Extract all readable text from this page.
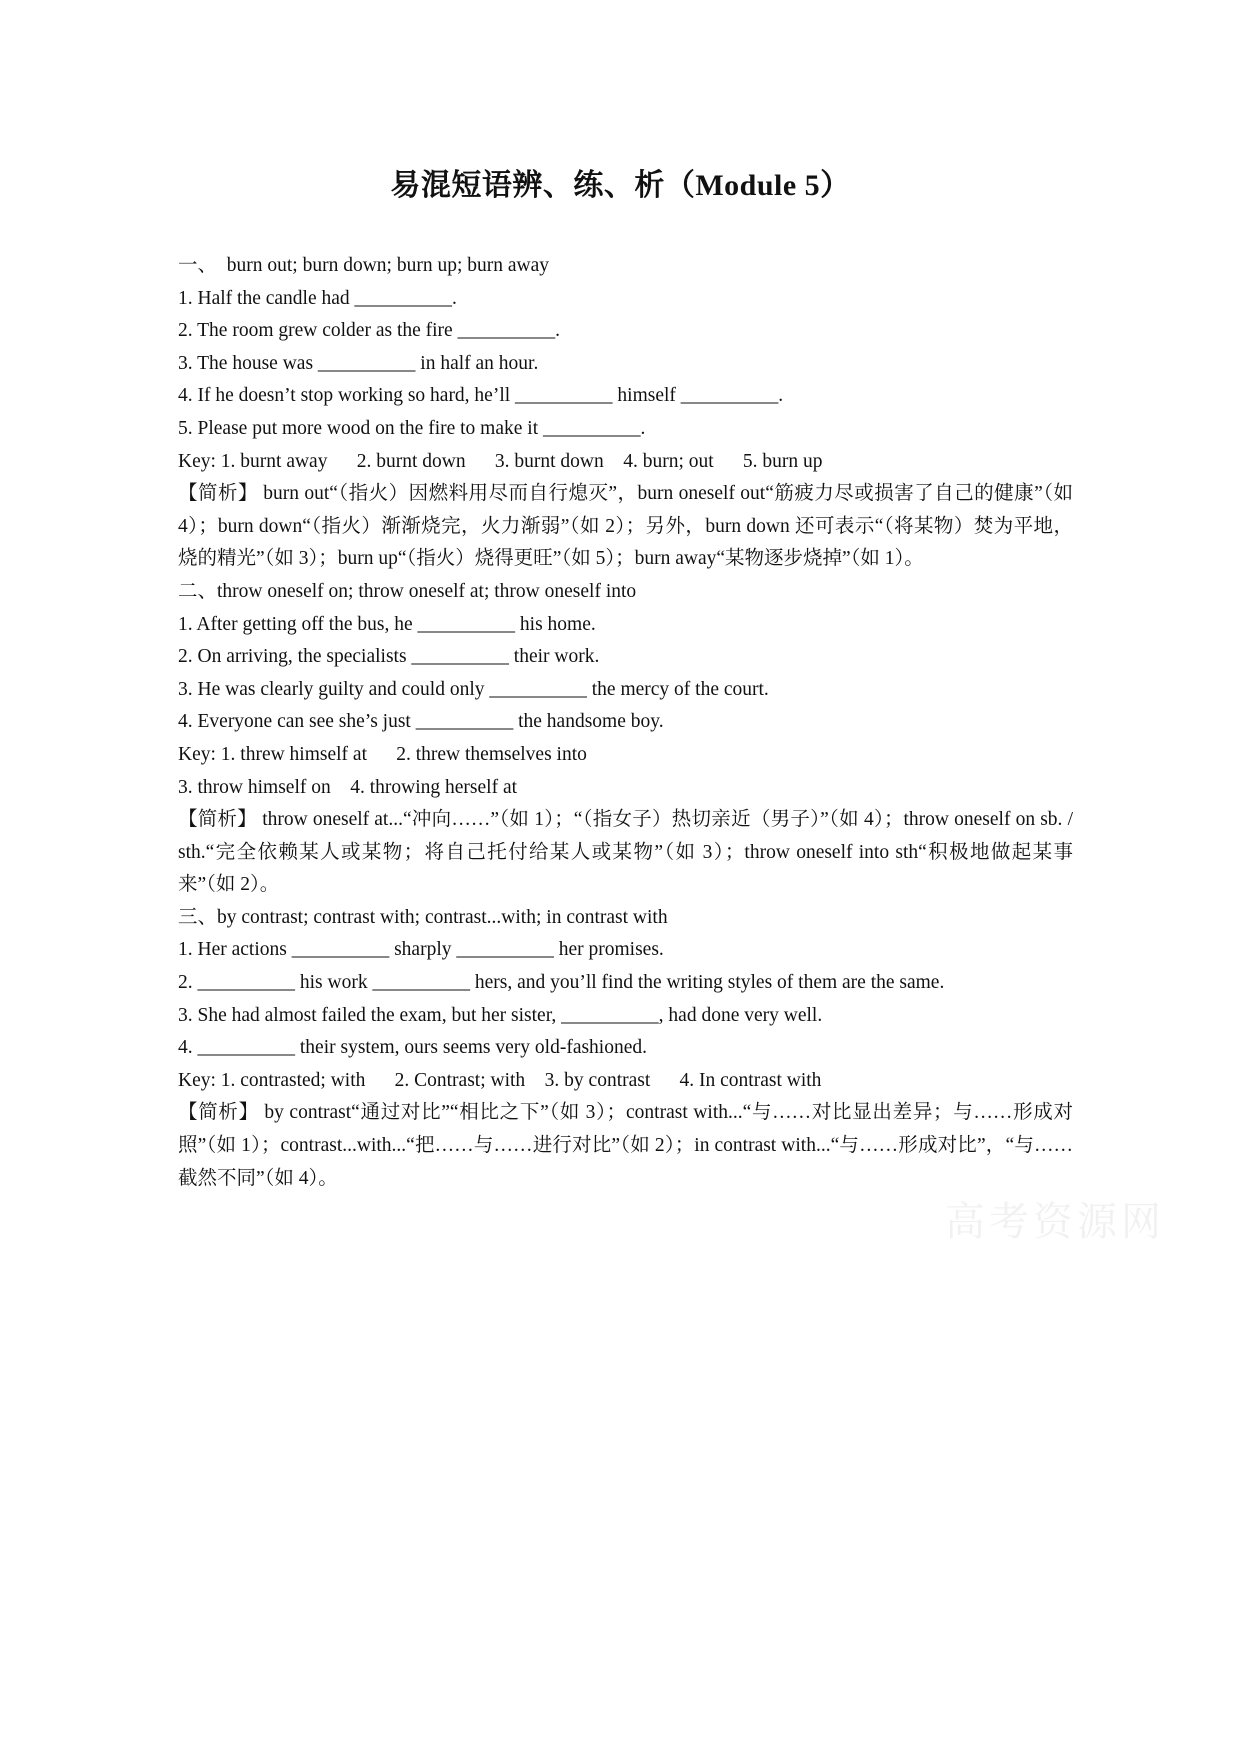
易混短语辨、练、析（Module 5）
一、  burn out; burn down; burn up; burn away
1. Half the candle had __________.
2. The room grew colder as the fire __________.
3. The house was __________ in half an hour.
4. If he doesn’t stop working so hard, he’ll __________ himself __________.
5. Please put more wood on the fire to make it __________.
Key: 1. burnt away      2. burnt down      3. burnt down    4. burn; out      5. burn up
【简析】 burn out“（指火）因燃料用尽而自行熄灭”，burn oneself out“筋疲力尽或损害了自己的健康”（如 4）；burn down“（指火）渐渐烧完，火力渐弱”（如 2）；另外，burn down 还可表示“（将某物）焚为平地，烧的精光”（如 3）；burn up“（指火）烧得更旺”（如 5）；burn away“某物逐步烧掉”（如 1）。
二、throw oneself on; throw oneself at; throw oneself into
1. After getting off the bus, he __________ his home.
2. On arriving, the specialists __________ their work.
3. He was clearly guilty and could only __________ the mercy of the court.
4. Everyone can see she’s just __________ the handsome boy.
Key: 1. threw himself at      2. threw themselves into
3. throw himself on    4. throwing herself at
【简析】 throw oneself at...“冲向……”（如 1）；“（指女子）热切亲近（男子）”（如 4）；throw oneself on sb. / sth.“完全依赖某人或某物；将自己托付给某人或某物”（如 3）；throw oneself into sth“积极地做起某事来”（如 2）。
三、by contrast; contrast with; contrast...with; in contrast with
1. Her actions __________ sharply __________ her promises.
2. __________ his work __________ hers, and you’ll find the writing styles of them are the same.
3. She had almost failed the exam, but her sister, __________, had done very well.
4. __________ their system, ours seems very old-fashioned.
Key: 1. contrasted; with      2. Contrast; with    3. by contrast      4. In contrast with
【简析】 by contrast“通过对比”“相比之下”（如 3）；contrast with...“与……对比显出差异；与……形成对照”（如 1）；contrast...with...“把……与……进行对比”（如 2）；in contrast with...“与……形成对比”，“与……截然不同”（如 4）。
高考资源网
